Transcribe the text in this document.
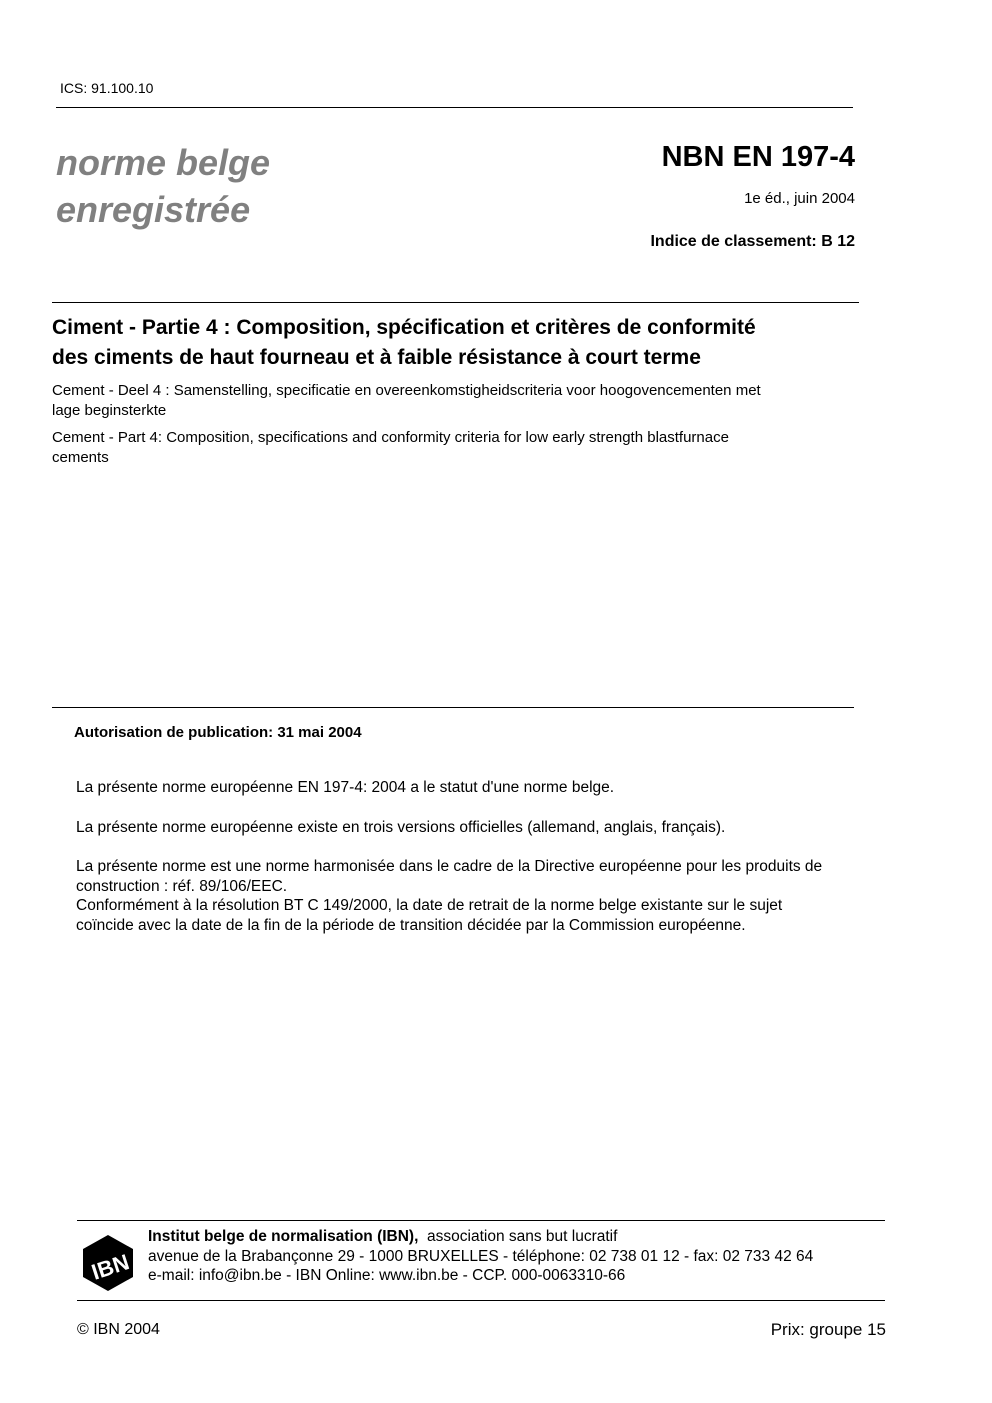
ICS: 91.100.10
norme belge
enregistrée
NBN EN 197-4
1e éd., juin 2004
Indice de classement: B 12
Ciment - Partie 4 : Composition, spécification et critères de conformité
des ciments de haut fourneau et à faible résistance à court terme
Cement - Deel 4 : Samenstelling, specificatie en overeenkomstigheidscriteria voor hoogovencementen met
lage beginsterkte
Cement - Part 4: Composition, specifications and conformity criteria for low early strength blastfurnace
cements
Autorisation de publication: 31 mai 2004
La présente norme européenne EN 197-4: 2004 a le statut d'une norme belge.
La présente norme européenne existe en trois versions officielles (allemand, anglais, français).
La présente norme est une norme harmonisée dans le cadre de la Directive européenne pour les produits de
construction : réf. 89/106/EEC.
Conformément à la résolution BT C 149/2000, la date de retrait de la norme belge existante sur le sujet
coïncide avec la date de la fin de la période de transition décidée par la Commission européenne.
IBN
Institut belge de normalisation (IBN), association sans but lucratif
avenue de la Brabançonne 29 - 1000 BRUXELLES - téléphone: 02 738 01 12 - fax: 02 733 42 64
e-mail: info@ibn.be - IBN Online: www.ibn.be - CCP. 000-0063310-66
© IBN 2004	Prix: groupe 15
